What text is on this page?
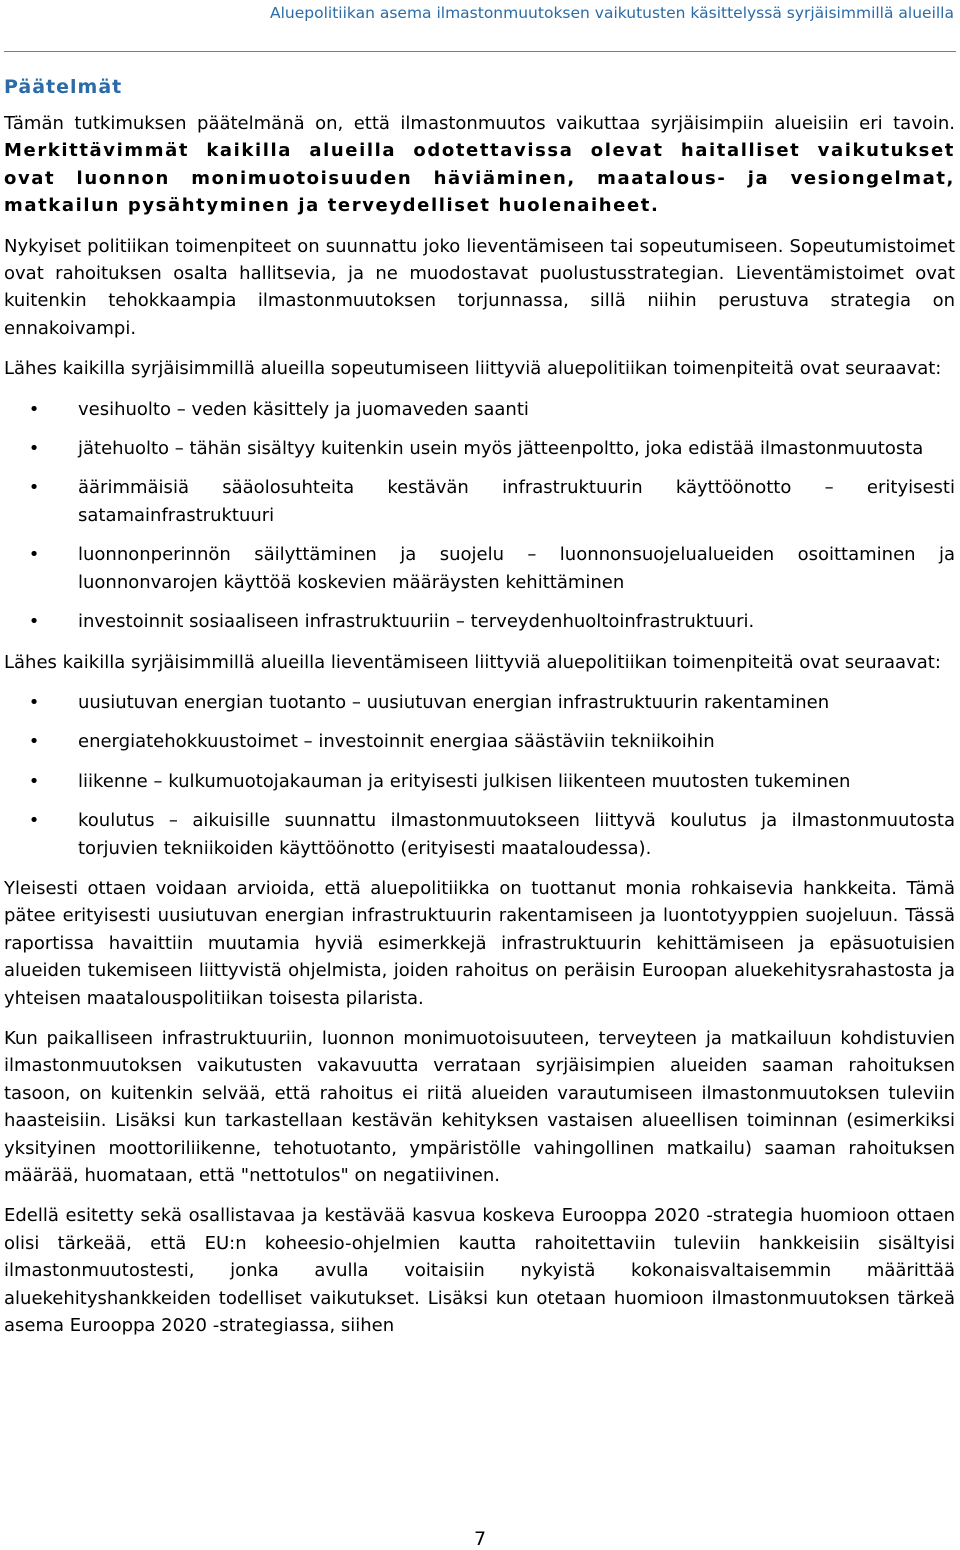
Aluepolitiikan asema ilmastonmuutoksen vaikutusten käsittelyssä syrjäisimmillä alueilla
Päätelmät

Tämän tutkimuksen päätelmänä on, että ilmastonmuutos vaikuttaa syrjäisimpiin alueisiin eri tavoin. Merkittävimmät kaikilla alueilla odotettavissa olevat haitalliset vaikutukset ovat luonnon monimuotoisuuden häviäminen, maatalous- ja vesiongelmat, matkailun pysähtyminen ja terveydelliset huolenaiheet.

Nykyiset politiikan toimenpiteet on suunnattu joko lieventämiseen tai sopeutumiseen. Sopeutumistoimet ovat rahoituksen osalta hallitsevia, ja ne muodostavat puolustusstrategian. Lieventämistoimet ovat kuitenkin tehokkaampia ilmastonmuutoksen torjunnassa, sillä niihin perustuva strategia on ennakoivampi.

Lähes kaikilla syrjäisimmillä alueilla sopeutumiseen liittyviä aluepolitiikan toimenpiteitä ovat seuraavat:

• vesihuolto – veden käsittely ja juomaveden saanti
• jätehuolto – tähän sisältyy kuitenkin usein myös jätteenpoltto, joka edistää ilmastonmuutosta
• äärimmäisiä sääolosuhteita kestävän infrastruktuurin käyttöönotto – erityisesti satamainfrastruktuuri
• luonnonperinnön säilyttäminen ja suojelu – luonnonsuojelualueiden osoittaminen ja luonnonvarojen käyttöä koskevien määräysten kehittäminen
• investoinnit sosiaaliseen infrastruktuuriin – terveydenhuoltoinfrastruktuuri.

Lähes kaikilla syrjäisimmillä alueilla lieventämiseen liittyviä aluepolitiikan toimenpiteitä ovat seuraavat:

• uusiutuvan energian tuotanto – uusiutuvan energian infrastruktuurin rakentaminen
• energiatehokkuustoimet – investoinnit energiaa säästäviin tekniikoihin
• liikenne – kulkumuotojakauman ja erityisesti julkisen liikenteen muutosten tukeminen
• koulutus – aikuisille suunnattu ilmastonmuutokseen liittyvä koulutus ja ilmastonmuutosta torjuvien tekniikoiden käyttöönotto (erityisesti maataloudessa).

Yleisesti ottaen voidaan arvioida, että aluepolitiikka on tuottanut monia rohkaisevia hankkeita. Tämä pätee erityisesti uusiutuvan energian infrastruktuurin rakentamiseen ja luontotyyppien suojeluun. Tässä raportissa havaittiin muutamia hyviä esimerkkejä infrastruktuurin kehittämiseen ja epäsuotuisien alueiden tukemiseen liittyvistä ohjelmista, joiden rahoitus on peräisin Euroopan aluekehitysrahastosta ja yhteisen maatalouspolitiikan toisesta pilarista.

Kun paikalliseen infrastruktuuriin, luonnon monimuotoisuuteen, terveyteen ja matkailuun kohdistuvien ilmastonmuutoksen vaikutusten vakavuutta verrataan syrjäisimpien alueiden saaman rahoituksen tasoon, on kuitenkin selvää, että rahoitus ei riitä alueiden varautumiseen ilmastonmuutoksen tuleviin haasteisiin. Lisäksi kun tarkastellaan kestävän kehityksen vastaisen alueellisen toiminnan (esimerkiksi yksityinen moottoriliikenne, tehotuotanto, ympäristölle vahingollinen matkailu) saaman rahoituksen määrää, huomataan, että "nettotulos" on negatiivinen.

Edellä esitetty sekä osallistavaa ja kestävää kasvua koskeva Eurooppa 2020 -strategia huomioon ottaen olisi tärkeää, että EU:n koheesio-ohjelmien kautta rahoitettaviin tuleviin hankkeisiin sisältyisi ilmastonmuutostesti, jonka avulla voitaisiin nykyistä kokonaisvaltaisemmin määrittää aluekehityshankkeiden todelliset vaikutukset. Lisäksi kun otetaan huomioon ilmastonmuutoksen tärkeä asema Eurooppa 2020 -strategiassa, siihen

7
